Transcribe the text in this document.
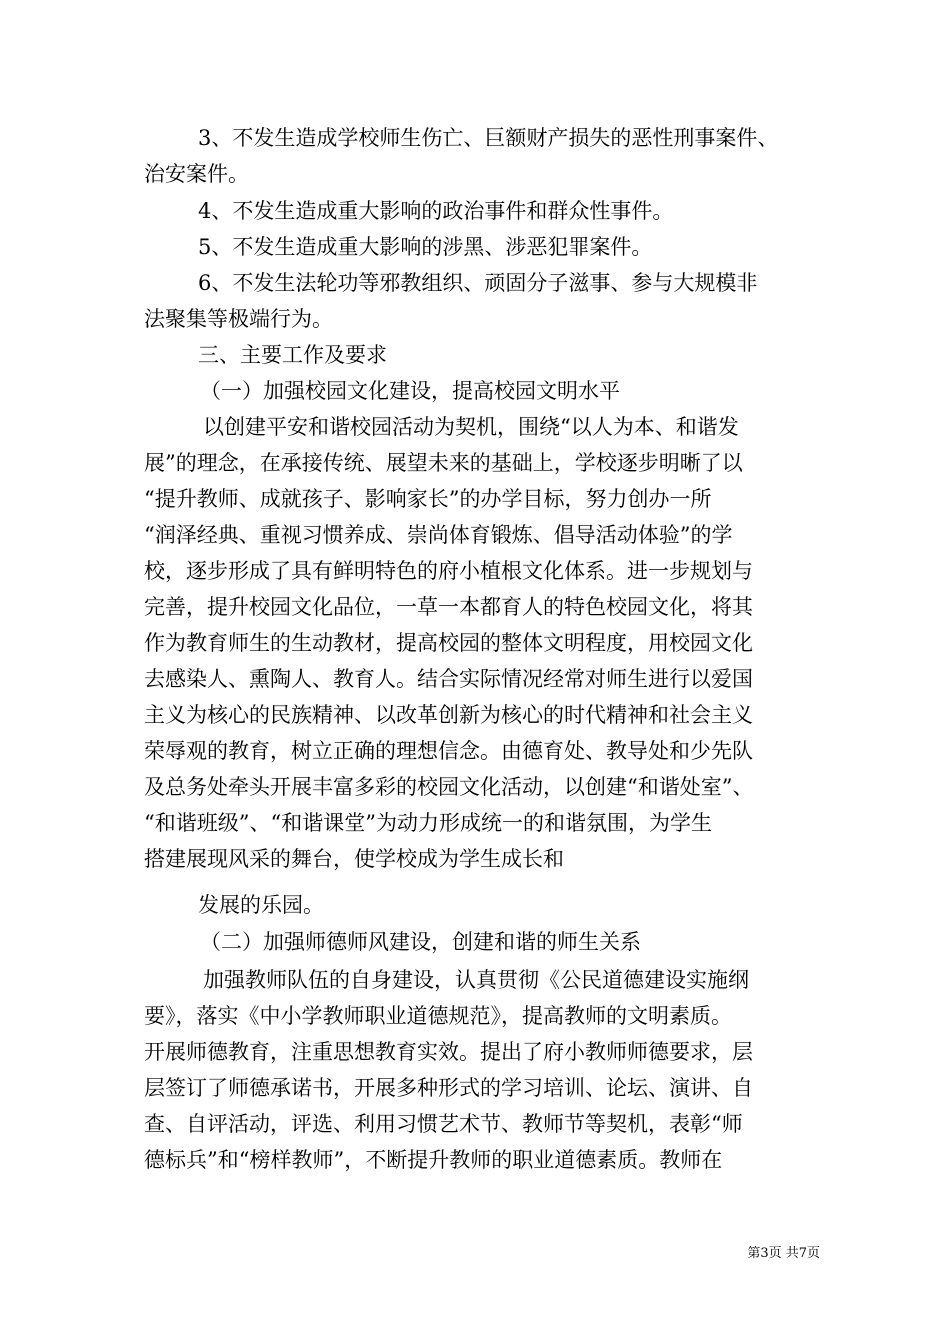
3、不发生造成学校师生伤亡、巨额财产损失的恶性刑事案件、
治安案件。
4、不发生造成重大影响的政治事件和群众性事件。
5、不发生造成重大影响的涉黑、涉恶犯罪案件。
6、不发生法轮功等邪教组织、顽固分子滋事、参与大规模非
法聚集等极端行为。
三、主要工作及要求
（一）加强校园文化建设，提高校园文明水平
以创建平安和谐校园活动为契机，围绕“以人为本、和谐发
展”的理念，在承接传统、展望未来的基础上，学校逐步明晰了以
“提升教师、成就孩子、影响家长”的办学目标，努力创办一所
“润泽经典、重视习惯养成、崇尚体育锻炼、倡导活动体验”的学
校，逐步形成了具有鲜明特色的府小植根文化体系。进一步规划与
完善，提升校园文化品位，一草一本都育人的特色校园文化，将其
作为教育师生的生动教材，提高校园的整体文明程度，用校园文化
去感染人、熏陶人、教育人。结合实际情况经常对师生进行以爱国
主义为核心的民族精神、以改革创新为核心的时代精神和社会主义
荣辱观的教育，树立正确的理想信念。由德育处、教导处和少先队
及总务处牵头开展丰富多彩的校园文化活动，以创建“和谐处室”、
“和谐班级”、“和谐课堂”为动力形成统一的和谐氛围，为学生
搭建展现风采的舞台，使学校成为学生成长和
发展的乐园。
（二）加强师德师风建设，创建和谐的师生关系
加强教师队伍的自身建设，认真贯彻《公民道德建设实施纲
要》，落实《中小学教师职业道德规范》，提高教师的文明素质。
开展师德教育，注重思想教育实效。提出了府小教师师德要求，层
层签订了师德承诺书，开展多种形式的学习培训、论坛、演讲、自
查、自评活动，评选、利用习惯艺术节、教师节等契机，表彰“师
德标兵”和“榜样教师”，不断提升教师的职业道德素质。教师在
第3页 共7页
